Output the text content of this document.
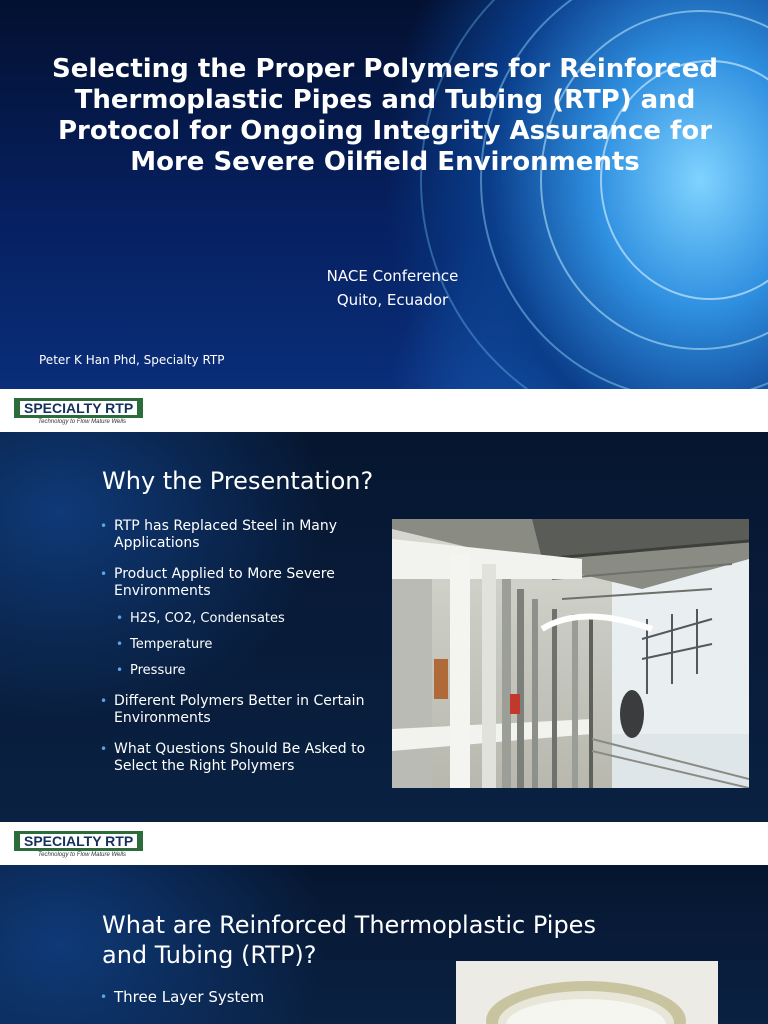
Selecting the Proper Polymers for Reinforced Thermoplastic Pipes and Tubing (RTP) and Protocol for Ongoing Integrity Assurance for More Severe Oilfield Environments
NACE Conference
Quito, Ecuador
Peter K Han Phd, Specialty RTP
SPECIALTY RTP
Technology to Flow Mature Wells
Why the Presentation?
• RTP has Replaced Steel in Many Applications
• Product Applied to More Severe Environments
• H2S, CO2, Condensates
• Temperature
• Pressure
• Different Polymers Better in Certain Environments
• What Questions Should Be Asked to Select the Right Polymers
SPECIALTY RTP
Technology to Flow Mature Wells
What are Reinforced Thermoplastic Pipes
and Tubing (RTP)?
• Three Layer System
